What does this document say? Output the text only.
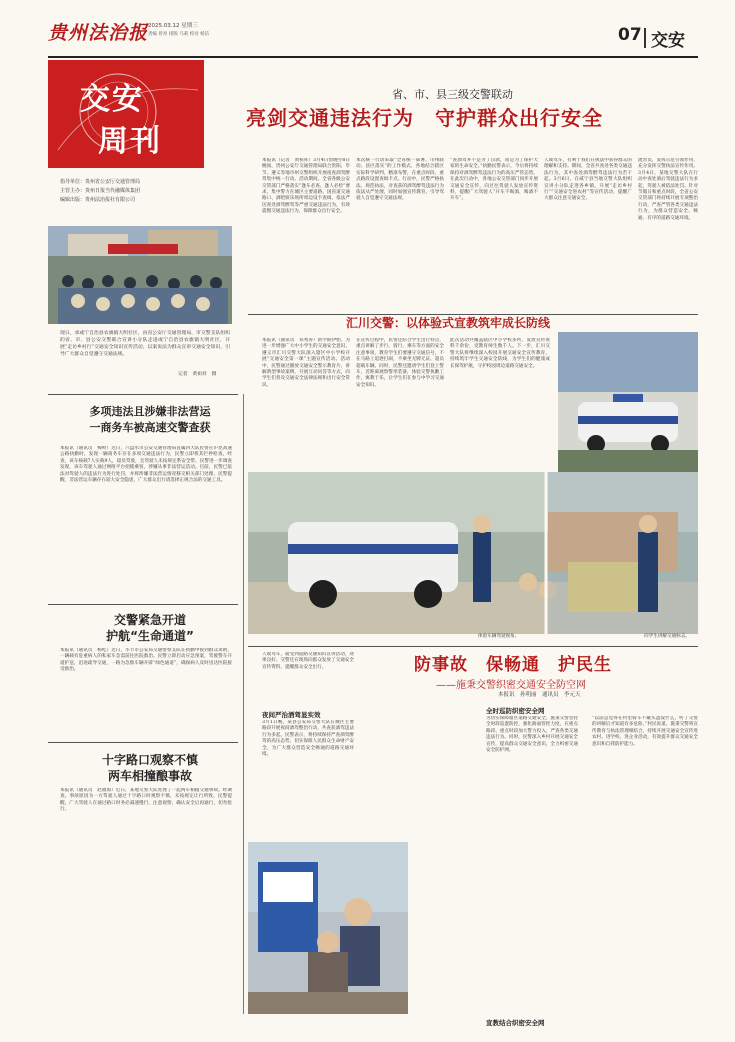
贵州法治报 2025.03.12 星期三
责编 曾亮 排版 马莉 校对 杨洁	07 交安
交安
周刊
指导单位：贵州省公安厅交通管理局
主管主办：贵州日报当代融媒体集团
编辑出版：贵州法治报社有限公司
省、市、县三级交警联动
亮剑交通违法行为　守护群众出行安全
现日，承或宁自治县农旗镇大明社区，由省公安厅交通管理局、市交警支队组织的省、市、县公安交警联合宣讲小分队走进或宁自治县农旗镇大明社区，开展“走访乡村行”交通安全知识宣传活动，以案说法为群众宣讲交通安全知识，引导广大群众自觉遵守交通法规。
记者　黄祖祥　摄
本报讯（记者　黄祖祥）3月4日傍晚至8日晚间，贵州公安厅交通管理局联合贵阳、毕节、遵义等地市州交警组织开展夜查酒驾醉驾集中统一行动。活动期间，全省各级公安交管部门严格落实“逢车必查、逢人必检”要求，集中警力在城区主要道路、国省道交通路口、酒吧娱乐场所周边设卡查缉，依法严厉查处酒驾醉驾等严重交通违法行为，有效震慑交通违法行为，保障群众出行安全。
本次统一行动采取“全省统一部署、市州联动、县区落实”的工作模式，各地结合辖区实际科学研判，精准布警，在重点时段、重点路段设置查缉卡点。行动中，民警严格执法、规范执法，对查获的酒驾醉驾违法行为依法从严处理，同时加强宣传教育，引导驾驶人自觉遵守交通法规。
“查酒驾并不是为了罚款，而是为了保护大家的生命安全。”执勤民警表示，今后将持续保持对酒驾醉驾违法行为的高压严管态势。在此次行动中，各地公安交管部门同步开展交通安全宣传，向过往驾驶人发放宣传资料，提醒广大驾驶人“开车不喝酒，喝酒不开车”。
人或驾车，有利于我们在执法中获得群众的理解和支持。期间，全省共查处各类交通违法行为，其中查处酒驾醉驾违法行为若干起。3月6日，在威宁县当地交警大队组织宣讲小分队走进各乡镇，开展“走访乡村行”“交通安全进农村”等宣传活动，提醒广大群众注意交通安全。
流害员，发挥示范引领作用，充分发挥交警执法宣传作用。3月4日，某地交警大队在行动中查处酒后驾驶违法行为多起，驾驶人被依法处罚。针对节假日和重点时段，全省公安交管部门将持续开展专项整治行动，严查严管各类交通违法行为，为群众营造安全、畅通、有序的道路交通环境。
汇川交警：以体验式宣教筑牢成长防线
本报讯（通讯员　邓秀涛）新学期伊始，为进一步增强广大中小学生的交通安全意识，遵义市汇川交警大队深入辖区中小学校开展“交通安全第一课”主题宣传活动。活动中，民警通过播放交通安全警示教育片、讲解典型事故案例、开展互动问答等方式，向学生们普及交通安全法律法规和出行安全常识。
在宣传过程中，民警还结合学生出行特点，重点讲解了步行、骑行、乘车等方面的安全注意事项，教育学生们要遵守交通信号，不在马路上追逐打闹，不乘坐无牌无证、超员超载车辆。同时，民警还邀请学生们登上警车，近距离观察警用装备，体验交警执勤工作，寓教于乐，让学生们在参与中学习交通安全知识。
此次活动共覆盖辖区中小学校多所，发放宣传资料千余份，受教育师生数千人。下一步，汇川交警大队将继续深入校园开展交通安全宣传教育，持续筑牢学生交通安全防线，为学生们的健康成长保驾护航，守护校园周边道路交通安全。
体验车辆驾驶视角。	向学生讲解交通标志。
多项违法且涉嫌非法营运
一商务车被高速交警查获
本报讯（通讯员　梅岭）近日，六盘水市公安交通管理局直属四大队民警在沪昆高速公路执勤时，发现一辆商务车存在多项交通违法行为，民警立即将其拦停检查。经查，该车核载7人实载9人，超员驾驶，且驾驶人未按规定系安全带。民警进一步调查发现，该车驾驶人通过网络平台招揽乘客，涉嫌从事非法营运活动。目前，民警已依法对驾驶人的违法行为进行处罚，并将涉嫌非法营运情况移交相关部门处理。民警提醒，非法营运车辆存在较大安全隐患，广大群众出行请选择正规合法的交通工具。
交警紧急开道
护航“生命通道”
本报讯（通讯员　杨屹）近日，毕节市公安局交通警察支队在执勤中接到群众求助，一辆载有危重病人的私家车急需前往医院救治。民警立即启动应急预案，驾驶警车开道护送，沿途疏导交通，一路为急救车辆开辟“绿色通道”，确保病人及时送达医院接受救治。
十字路口观察不慎
两车相撞酿事故
本报讯（通讯员　赵福海）近日，某地交警大队处理了一起两车相撞交通事故。经调查，事故原因为一方驾驶人通过十字路口时观察不慎、未按规定让行所致。民警提醒，广大驾驶人在通过路口时务必减速慢行，注意观察，确认安全后再通行，切勿抢行。
人或驾车，就受到道路交通知识宣讲活动，效果良好。交警还在现场向群众发放了交通安全宣传资料，提醒群众安全出行。
夜间严治酒驾显实效
3月1日晚，某县公安局交警大队在城区主要路段开展夜间酒驾整治行动，共查获酒驾违法行为多起。民警表示，将持续保持严查酒驾醉驾的高压态势，切实保障人民群众生命财产安全，为广大群众营造安全畅通的道路交通环境。
防事故　保畅通　护民生
——施秉交警织密交通安全防空网
本报讯　孙明丽　通讯员　李元天
全时巡防织密安全网
为切实保障辖区道路交通安全，施秉交警坚持全时段巡逻防控，强化路面管控力度，在重点路段、重点时段加大警力投入，严查各类交通违法行为。同时，民警深入乡村开展交通安全宣传，提高群众交通安全意识，全力织密交通安全防护网。
宣教结合织密安全网
“以前总觉得在村里骑车不戴头盔没什么，听了交警的讲解后才知道有多危险。”村民说道。施秉交警将宣传教育与执法管理相结合，持续开展交通安全宣传进农村、进学校、进企业活动，有效提升群众交通安全意识和自我防护能力。
